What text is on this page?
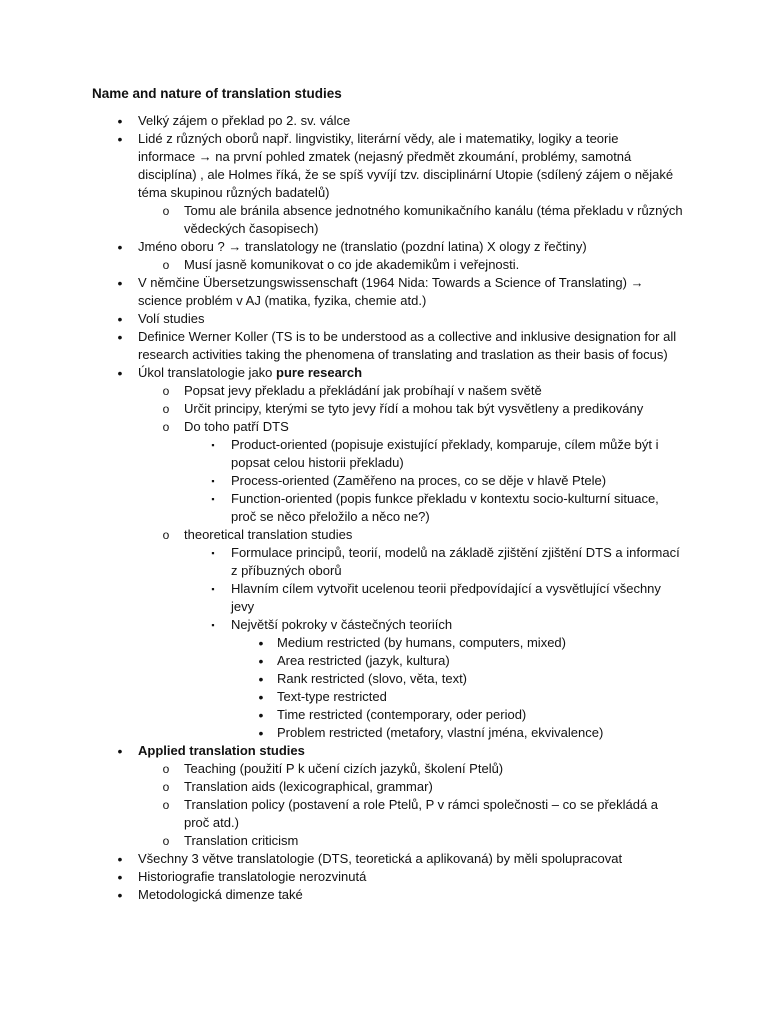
Name and nature of translation studies
• Velký zájem o překlad po 2. sv. válce
• Lidé z různých oborů např. lingvistiky, literární vědy, ale i matematiky, logiky a teorie informace → na první pohled zmatek (nejasný předmět zkoumání, problémy, samotná disciplína) , ale Holmes říká, že se spíš vyvíjí tzv. disciplinární Utopie (sdílený zájem o nějaké téma skupinou různých badatelů)
o Tomu ale bránila absence jednotného komunikačního kanálu (téma překladu v různých vědeckých časopisech)
• Jméno oboru ? → translatology ne (translatio (pozdní latina) X ology z řečtiny)
o Musí jasně komunikovat o co jde akademikům i veřejnosti.
• V němčine Übersetzungswissenschaft (1964 Nida: Towards a Science of Translating) → science problém v AJ (matika, fyzika, chemie atd.)
• Volí studies
• Definice Werner Koller (TS is to be understood as a collective and inklusive designation for all research activities taking the phenomena of translating and traslation as their basis of focus)
• Úkol translatologie jako pure research
o Popsat jevy překladu a překládání jak probíhají v našem světě
o Určit principy, kterými se tyto jevy řídí a mohou tak být vysvětleny a predikovány
o Do toho patří DTS
▪	Product-oriented (popisuje existující překlady, komparuje, cílem může být i popsat celou historii překladu)
▪	Process-oriented (Zaměřeno na proces, co se děje v hlavě Ptele)
▪	Function-oriented (popis funkce překladu v kontextu socio-kulturní situace, proč se něco přeložilo a něco ne?)
o theoretical translation studies
▪	Formulace principů, teorií, modelů na základě zjištění zjištění DTS a informací z příbuzných oborů
▪	Hlavním cílem vytvořit ucelenou teorii předpovídající a vysvětlující všechny jevy
▪	Největší pokroky v částečných teoriích
• Medium restricted (by humans, computers, mixed)
• Area restricted (jazyk, kultura)
• Rank restricted (slovo, věta, text)
• Text-type restricted
• Time restricted (contemporary, oder period)
• Problem restricted (metafory, vlastní jména, ekvivalence)
• Applied translation studies
o Teaching (použití P k učení cizích jazyků, školení Ptelů)
o Translation aids (lexicographical, grammar)
o Translation policy (postavení a role Ptelů, P v rámci společnosti – co se překládá a proč atd.)
o Translation criticism
• Všechny 3 větve translatologie (DTS, teoretická a aplikovaná) by měli spolupracovat
• Historiografie translatologie nerozvinutá
• Metodologická dimenze také
